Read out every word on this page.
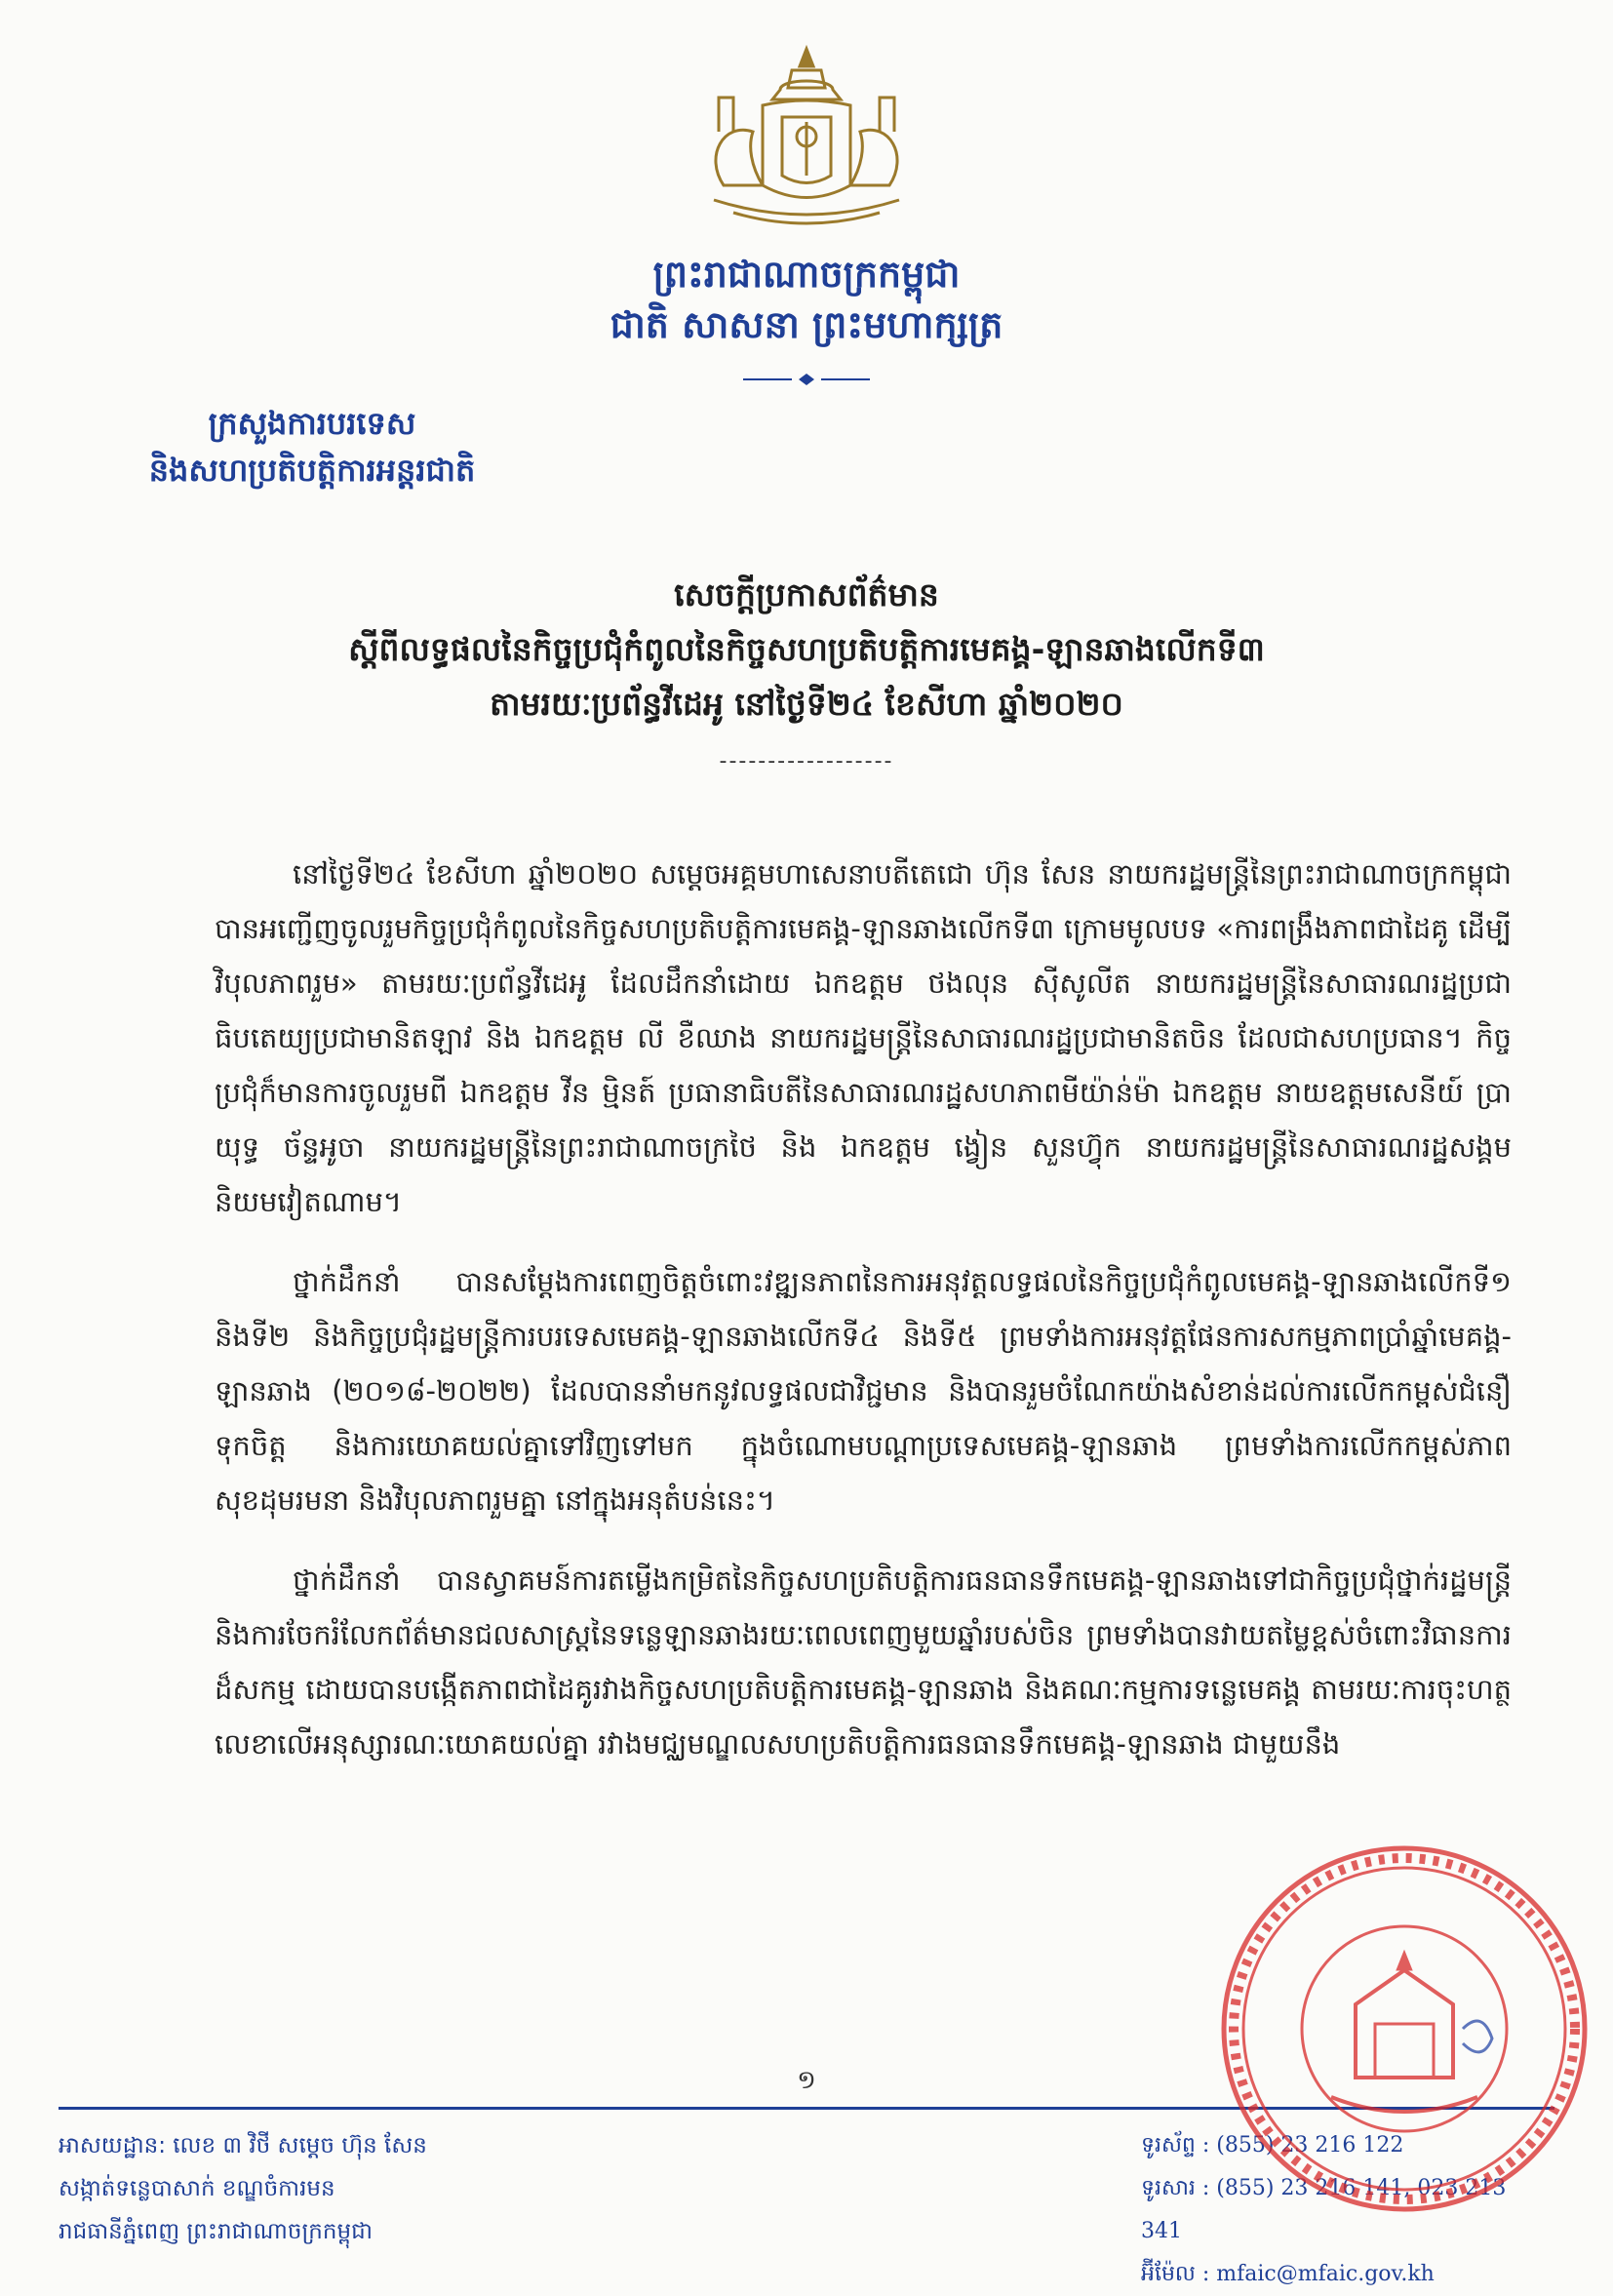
ព្រះរាជាណាចក្រកម្ពុជា
ជាតិ សាសនា ព្រះមហាក្សត្រ
ក្រសួងការបរទេស
និងសហប្រតិបត្តិការអន្តរជាតិ
សេចក្តីប្រកាសព័ត៌មាន
ស្តីពីលទ្ធផលនៃកិច្ចប្រជុំកំពូលនៃកិច្ចសហប្រតិបត្តិការមេគង្គ-ឡានឆាងលើកទី៣
តាមរយៈប្រព័ន្ធវីដេអូ នៅថ្ងៃទី២៤ ខែសីហា ឆ្នាំ២០២០
------------------

នៅថ្ងៃទី២៤ ខែសីហា ឆ្នាំ២០២០ សម្តេចអគ្គមហាសេនាបតីតេជោ ហ៊ុន សែន នាយករដ្ឋមន្ត្រីនៃព្រះរាជាណាចក្រកម្ពុជា បានអញ្ជើញចូលរួមកិច្ចប្រជុំកំពូលនៃកិច្ចសហប្រតិបត្តិការមេគង្គ-ឡានឆាងលើកទី៣ ក្រោមមូលបទ «ការពង្រឹងភាពជាដៃគូ ដើម្បីវិបុលភាពរួម» តាមរយៈប្រព័ន្ធវីដេអូ ដែលដឹកនាំដោយ ឯកឧត្តម ថងលុន ស៊ីសូលីត នាយករដ្ឋមន្ត្រីនៃសាធារណរដ្ឋប្រជាធិបតេយ្យប្រជាមានិតឡាវ និង ឯកឧត្តម លី ខឺឈាង នាយករដ្ឋមន្ត្រីនៃសាធារណរដ្ឋប្រជាមានិតចិន ដែលជាសហប្រធាន។ កិច្ចប្រជុំក៏មានការចូលរួមពី ឯកឧត្តម វីន មិ្មនត៍ ប្រធានាធិបតីនៃសាធារណរដ្ឋសហភាពមីយ៉ាន់ម៉ា ឯកឧត្តម នាយឧត្តមសេនីយ៍ ប្រាយុទ្ធ ច័ន្ទអូចា នាយករដ្ឋមន្ត្រីនៃព្រះរាជាណាចក្រថៃ និង ឯកឧត្តម ង្វៀន សួនហ៊្វុក នាយករដ្ឋមន្ត្រីនៃសាធារណរដ្ឋសង្គមនិយមវៀតណាម។

ថ្នាក់ដឹកនាំ បានសម្តែងការពេញចិត្តចំពោះវឌ្ឍនភាពនៃការអនុវត្តលទ្ធផលនៃកិច្ចប្រជុំកំពូលមេគង្គ-ឡានឆាងលើកទី១ និងទី២ និងកិច្ចប្រជុំរដ្ឋមន្ត្រីការបរទេសមេគង្គ-ឡានឆាងលើកទី៤ និងទី៥ ព្រមទាំងការអនុវត្តផែនការសកម្មភាពប្រាំឆ្នាំមេគង្គ-ឡានឆាង (២០១៨-២០២២) ដែលបាននាំមកនូវលទ្ធផលជាវិជ្ជមាន និងបានរួមចំណែកយ៉ាងសំខាន់ដល់ការលើកកម្ពស់ជំនឿទុកចិត្ត និងការយោគយល់គ្នាទៅវិញទៅមក ក្នុងចំណោមបណ្តាប្រទេសមេគង្គ-ឡានឆាង ព្រមទាំងការលើកកម្ពស់ភាពសុខដុមរមនា និងវិបុលភាពរួមគ្នា នៅក្នុងអនុតំបន់នេះ។

ថ្នាក់ដឹកនាំ បានស្វាគមន៍ការតម្លើងកម្រិតនៃកិច្ចសហប្រតិបត្តិការធនធានទឹកមេគង្គ-ឡានឆាងទៅជាកិច្ចប្រជុំថ្នាក់រដ្ឋមន្ត្រី និងការចែករំលែកព័ត៌មានជលសាស្ត្រនៃទន្លេឡានឆាងរយៈពេលពេញមួយឆ្នាំរបស់ចិន ព្រមទាំងបានវាយតម្លៃខ្ពស់ចំពោះវិធានការដ៏សកម្ម ដោយបានបង្កើតភាពជាដៃគូរវាងកិច្ចសហប្រតិបត្តិការមេគង្គ-ឡានឆាង និងគណៈកម្មការទន្លេមេគង្គ តាមរយៈការចុះហត្ថលេខាលើអនុស្សារណៈយោគយល់គ្នា រវាងមជ្ឈមណ្ឌលសហប្រតិបត្តិការធនធានទឹកមេគង្គ-ឡានឆាង ជាមួយនឹង

១
អាសយដ្ឋាន: លេខ ៣ វិថី សម្តេច ហ៊ុន សែន
សង្កាត់ទន្លេបាសាក់ ខណ្ឌចំការមន
រាជធានីភ្នំពេញ ព្រះរាជាណាចក្រកម្ពុជា
ទូរស័ព្ទ : (855) 23 216 122
ទូរសារ : (855) 23 216 141, 023 213 341
អ៊ីម៉ែល : mfaic@mfaic.gov.kh
